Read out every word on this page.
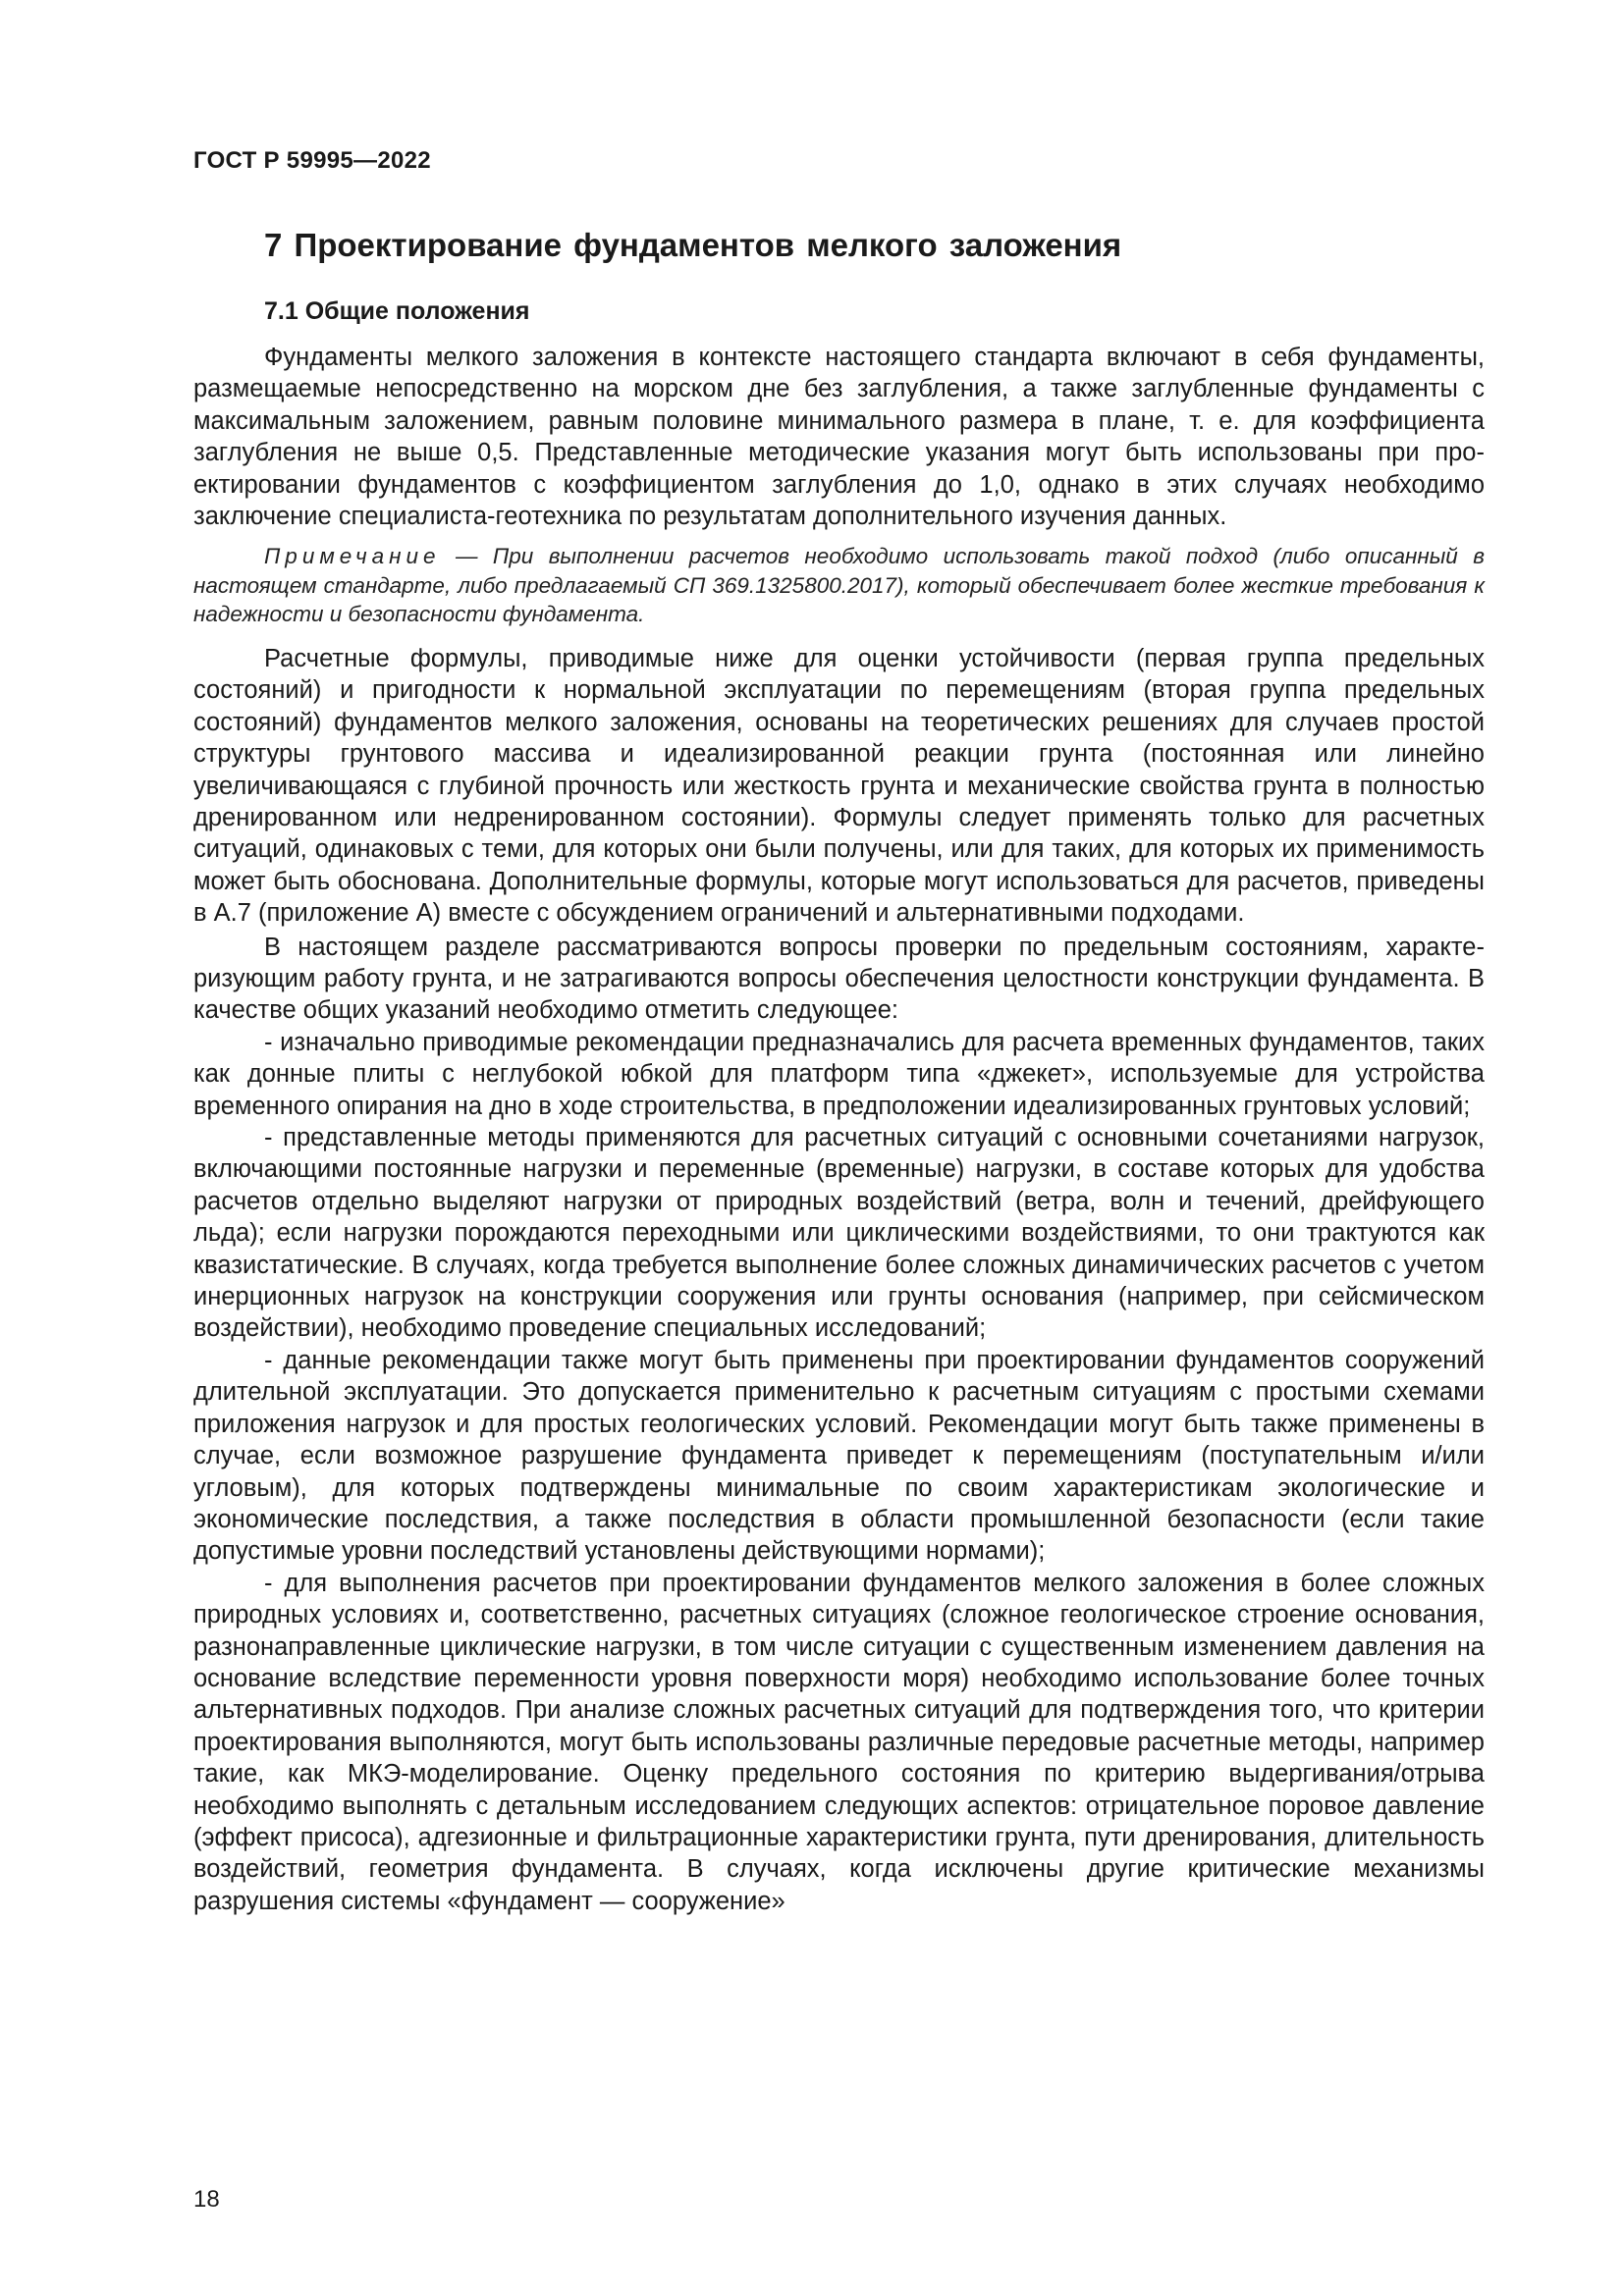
ГОСТ Р 59995—2022
7 Проектирование фундаментов мелкого заложения
7.1 Общие положения

Фундаменты мелкого заложения в контексте настоящего стандарта включают в себя фундаменты, размещаемые непосредственно на морском дне без заглубления, а также заглубленные фундаменты с максимальным заложением, равным половине минимального размера в плане, т. е. для коэффициента заглубления не выше 0,5. Представленные методические указания могут быть использованы при проектировании фундаментов с коэффициентом заглубления до 1,0, однако в этих случаях необходимо заключение специалиста-геотехника по результатам дополнительного изучения данных.

Примечание — При выполнении расчетов необходимо использовать такой подход (либо описанный в настоящем стандарте, либо предлагаемый СП 369.1325800.2017), который обеспечивает более жесткие требования к надежности и безопасности фундамента.

Расчетные формулы, приводимые ниже для оценки устойчивости (первая группа предельных состояний) и пригодности к нормальной эксплуатации по перемещениям (вторая группа предельных состояний) фундаментов мелкого заложения, основаны на теоретических решениях для случаев простой структуры грунтового массива и идеализированной реакции грунта (постоянная или линейно увеличивающаяся с глубиной прочность или жесткость грунта и механические свойства грунта в полностью дренированном или недренированном состоянии). Формулы следует применять только для расчетных ситуаций, одинаковых с теми, для которых они были получены, или для таких, для которых их применимость может быть обоснована. Дополнительные формулы, которые могут использоваться для расчетов, приведены в А.7 (приложение А) вместе с обсуждением ограничений и альтернативными подходами.

В настоящем разделе рассматриваются вопросы проверки по предельным состояниям, характеризующим работу грунта, и не затрагиваются вопросы обеспечения целостности конструкции фундамента. В качестве общих указаний необходимо отметить следующее:

- изначально приводимые рекомендации предназначались для расчета временных фундаментов, таких как донные плиты с неглубокой юбкой для платформ типа «джекет», используемые для устройства временного опирания на дно в ходе строительства, в предположении идеализированных грунтовых условий;

- представленные методы применяются для расчетных ситуаций с основными сочетаниями нагрузок, включающими постоянные нагрузки и переменные (временные) нагрузки, в составе которых для удобства расчетов отдельно выделяют нагрузки от природных воздействий (ветра, волн и течений, дрейфующего льда); если нагрузки порождаются переходными или циклическими воздействиями, то они трактуются как квазистатические. В случаях, когда требуется выполнение более сложных динамичических расчетов с учетом инерционных нагрузок на конструкции сооружения или грунты основания (например, при сейсмическом воздействии), необходимо проведение специальных исследований;

- данные рекомендации также могут быть применены при проектировании фундаментов сооружений длительной эксплуатации. Это допускается применительно к расчетным ситуациям с простыми схемами приложения нагрузок и для простых геологических условий. Рекомендации могут быть также применены в случае, если возможное разрушение фундамента приведет к перемещениям (поступательным и/или угловым), для которых подтверждены минимальные по своим характеристикам экологические и экономические последствия, а также последствия в области промышленной безопасности (если такие допустимые уровни последствий установлены действующими нормами);

- для выполнения расчетов при проектировании фундаментов мелкого заложения в более сложных природных условиях и, соответственно, расчетных ситуациях (сложное геологическое строение основания, разнонаправленные циклические нагрузки, в том числе ситуации с существенным изменением давления на основание вследствие переменности уровня поверхности моря) необходимо использование более точных альтернативных подходов. При анализе сложных расчетных ситуаций для подтверждения того, что критерии проектирования выполняются, могут быть использованы различные передовые расчетные методы, например такие, как МКЭ-моделирование. Оценку предельного состояния по критерию выдергивания/отрыва необходимо выполнять с детальным исследованием следующих аспектов: отрицательное поровое давление (эффект присоса), адгезионные и фильтрационные характеристики грунта, пути дренирования, длительность воздействий, геометрия фундамента. В случаях, когда исключены другие критические механизмы разрушения системы «фундамент — сооружение»

18
